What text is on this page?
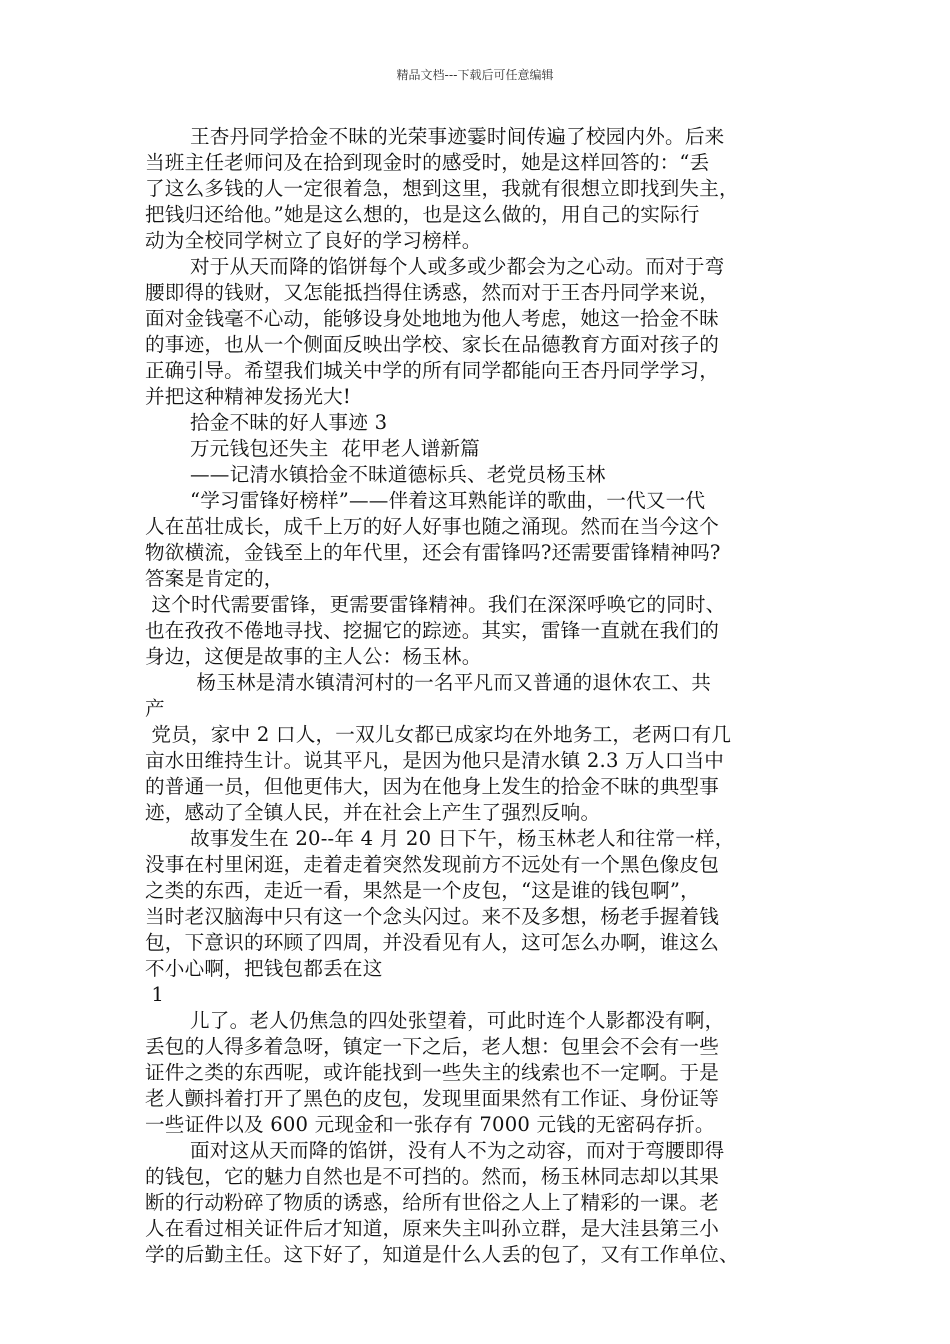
精品文档---下载后可任意编辑
王杏丹同学拾金不昧的光荣事迹霎时间传遍了校园内外。后来
当班主任老师问及在拾到现金时的感受时，她是这样回答的：“丢
了这么多钱的人一定很着急，想到这里，我就有很想立即找到失主，
把钱归还给他。”她是这么想的，也是这么做的，用自己的实际行
动为全校同学树立了良好的学习榜样。
对于从天而降的馅饼每个人或多或少都会为之心动。而对于弯
腰即得的钱财，又怎能抵挡得住诱惑，然而对于王杏丹同学来说，
面对金钱毫不心动，能够设身处地地为他人考虑，她这一拾金不昧
的事迹，也从一个侧面反映出学校、家长在品德教育方面对孩子的
正确引导。希望我们城关中学的所有同学都能向王杏丹同学学习，
并把这种精神发扬光大!
拾金不昧的好人事迹 3
万元钱包还失主  花甲老人谱新篇
——记清水镇拾金不昧道德标兵、老党员杨玉林
“学习雷锋好榜样”——伴着这耳熟能详的歌曲，一代又一代
人在茁壮成长，成千上万的好人好事也随之涌现。然而在当今这个
物欲横流，金钱至上的年代里，还会有雷锋吗?还需要雷锋精神吗?
答案是肯定的，
这个时代需要雷锋，更需要雷锋精神。我们在深深呼唤它的同时、
也在孜孜不倦地寻找、挖掘它的踪迹。其实，雷锋一直就在我们的
身边，这便是故事的主人公：杨玉林。
杨玉林是清水镇清河村的一名平凡而又普通的退休农工、共
产
党员，家中 2 口人，一双儿女都已成家均在外地务工，老两口有几
亩水田维持生计。说其平凡，是因为他只是清水镇 2.3 万人口当中
的普通一员，但他更伟大，因为在他身上发生的拾金不昧的典型事
迹，感动了全镇人民，并在社会上产生了强烈反响。
故事发生在 20--年 4 月 20 日下午，杨玉林老人和往常一样，
没事在村里闲逛，走着走着突然发现前方不远处有一个黑色像皮包
之类的东西，走近一看，果然是一个皮包，“这是谁的钱包啊”，
当时老汉脑海中只有这一个念头闪过。来不及多想，杨老手握着钱
包，下意识的环顾了四周，并没看见有人，这可怎么办啊，谁这么
不小心啊，把钱包都丢在这
1
儿了。老人仍焦急的四处张望着，可此时连个人影都没有啊，
丢包的人得多着急呀，镇定一下之后，老人想：包里会不会有一些
证件之类的东西呢，或许能找到一些失主的线索也不一定啊。于是
老人颤抖着打开了黑色的皮包，发现里面果然有工作证、身份证等
一些证件以及 600 元现金和一张存有 7000 元钱的无密码存折。
面对这从天而降的馅饼，没有人不为之动容，而对于弯腰即得
的钱包，它的魅力自然也是不可挡的。然而，杨玉林同志却以其果
断的行动粉碎了物质的诱惑，给所有世俗之人上了精彩的一课。老
人在看过相关证件后才知道，原来失主叫孙立群，是大洼县第三小
学的后勤主任。这下好了，知道是什么人丢的包了，又有工作单位、
